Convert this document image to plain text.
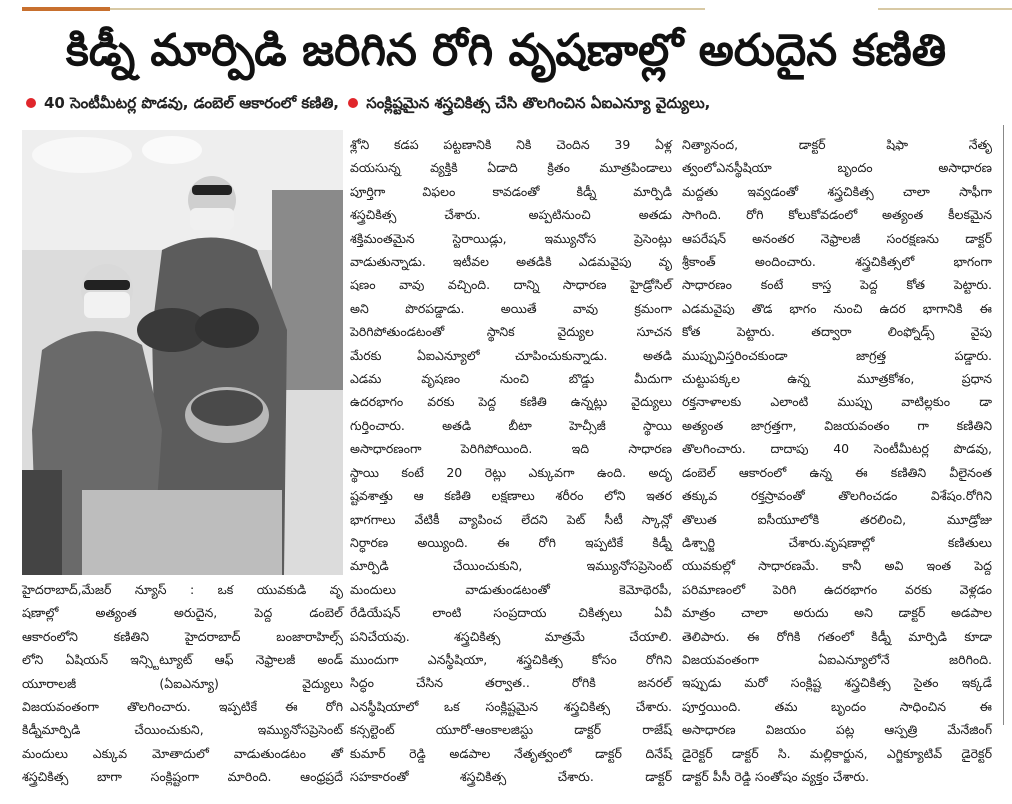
కిడ్నీ మార్పిడి జరిగిన రోగి వృషణాల్లో అరుదైన కణితి
40 సెంటీమీటర్ల పొడవు, డంబెల్ ఆకారంలో కణితి, సంక్లిష్టమైన శస్త్రచికిత్స చేసి తొలగించిన ఏఐఎన్యూ వైద్యులు,
హైదరాబాద్,మేజర్ న్యూస్ : ఒక యువకుడి వృ
షణాల్లో అత్యంత అరుదైన, పెద్ద డంబెల్
ఆకారంలోని కణితిని హైదరాబాద్ బంజారాహిల్స్
లోని ఏషియన్ ఇన్స్టిట్యూట్ ఆఫ్ నెఫ్రాలజీ అండ్
యూరాలజీ (ఏఐఎన్యూ) వైద్యులు
విజయవంతంగా తొలగించారు. ఇప్పటికే ఈ రోగి
కిడ్నీమార్పిడి చేయించుకుని, ఇమ్యునోసప్రెసెంట్
మందులు ఎక్కువ మోతాదులో వాడుతుండటం తో
శస్త్రచికిత్స బాగా సంక్లిష్టంగా మారింది. ఆంధ్రప్రదే
శ్లోని కడప పట్టణానికి నికి చెందిన 39 ఏళ్ల
వయసున్న వ్యక్తికి ఏడాది క్రితం మూత్రపిండాలు
పూర్తిగా విఫలం కావడంతో కిడ్నీ మార్పిడి
శస్త్రచికిత్స చేశారు. అప్పటినుంచి అతడు
శక్తిమంతమైన స్టెరాయిడ్లు, ఇమ్యునోస ప్రెసెంట్లు
వాడుతున్నాడు. ఇటీవల అతడికి ఎడమవైపు వృ
షణం వావు వచ్చింది. దాన్ని సాధారణ హైడ్రోసిల్
అని పొరపడ్డాడు. అయితే వావు క్రమంగా
పెరిగిపోతుండటంతో స్థానిక వైద్యుల సూచన
మేరకు ఏఐఎన్యూలో చూపించుకున్నాడు. అతడి
ఎడమ వృషణం నుంచి బొడ్డు మీదుగా
ఉదరభాగం వరకు పెద్ద కణితి ఉన్నట్లు వైద్యులు
గుర్తించారు. అతడి బీటా హెచ్సీజీ స్థాయి
అసాధారణంగా పెరిగిపోయింది. ఇది సాధారణ
స్థాయి కంటే 20 రెట్లు ఎక్కువగా ఉంది. అదృ
ష్టవశాత్తు ఆ కణితి లక్షణాలు శరీరం లోని ఇతర
భాగగాలు వేటికీ వ్యాపించ లేదని పెట్ సీటీ స్కాన్లో
నిర్ధారణ అయ్యింది. ఈ రోగి ఇప్పటికే కిడ్నీ
మార్పిడి చేయించుకుని, ఇమ్యునోసప్రెసెంట్
మందులు వాడుతుండటంతో కెమోథెరపీ,
రేడియేషన్ లాంటి సంప్రదాయ చికిత్సలు ఏవీ
పనిచేయవు. శస్త్రచికిత్స మాత్రమే చేయాలి.
ముందుగా ఎనస్థీషియా, శస్త్రచికిత్స కోసం రోగిని
సిద్ధం చేసిన తర్వాత.. రోగికి జనరల్
ఎనస్థీషియాలో ఒక సంక్లిష్టమైన శస్త్రచికిత్స చేశారు.
కన్సల్టెంట్ యూరో-ఆంకాలజిస్టు డాక్టర్ రాజేష్
కుమార్ రెడ్డి అడపాల నేతృత్వంలో డాక్టర్ దినేష్
సహకారంతో శస్త్రచికిత్స చేశారు. డాక్టర్
నిత్యానంద, డాక్టర్ షిఫా నేతృ
త్వంలోఎనస్థీషియా బృందం అసాధారణ
మద్దతు ఇవ్వడంతో శస్త్రచికిత్స చాలా సాఫీగా
సాగింది. రోగి కోలుకోవడంలో అత్యంత కీలకమైన
ఆపరేషన్ అనంతర నెఫ్రాలజీ సంరక్షణను డాక్టర్
శ్రీకాంత్ అందించారు. శస్త్రచికిత్సలో భాగంగా
సాధారణం కంటే కాస్త పెద్ద కోత పెట్టారు.
ఎడమవైపు తొడ భాగం నుంచి ఉదర భాగానికి ఈ
కోత పెట్టారు. తద్వారా లింఫ్నోడ్స్ వైపు
ముప్పువిస్తరించకుండా జాగ్రత్త పడ్డారు.
చుట్టుపక్కల ఉన్న మూత్రకోశం, ప్రధాన
రక్తనాళాలకు ఎలాంటి ముప్పు వాటిల్లకుం డా
అత్యంత జాగ్రత్తగా, విజయవంతం గా కణితిని
తొలగించారు. దాదాపు 40 సెంటీమీటర్ల పొడవు,
డంబెల్ ఆకారంలో ఉన్న ఈ కణితిని వీలైనంత
తక్కువ రక్తస్రావంతో తొలగించడం విశేషం.రోగిని
తొలుత ఐసీయూలోకి తరలించి, మూడ్రోజు
డిశ్చార్జి చేశారు.వృషణాల్లో కణితులు
యువకుల్లో సాధారణమే. కానీ అవి ఇంత పెద్ద
పరిమాణంలో పెరిగి ఉదరభాగం వరకు వెళ్లడం
మాత్రం చాలా అరుదు అని డాక్టర్ అడపాల
తెలిపారు. ఈ రోగికి గతంలో కిడ్నీ మార్పిడి కూడా
విజయవంతంగా ఏఐఎన్యూలోనే జరిగింది.
ఇప్పుడు మరో సంక్లిష్ట శస్త్రచికిత్స సైతం ఇక్కడే
పూర్తయింది. తమ బృందం సాధించిన ఈ
అసాధారణ విజయం పట్ల ఆస్పత్రి మేనేజింగ్
డైరెక్టర్ డాక్టర్ సి. మల్లికార్జున, ఎగ్జిక్యూటివ్ డైరెక్టర్
డాక్టర్ పీసీ రెడ్డి సంతోషం వ్యక్తం చేశారు.
